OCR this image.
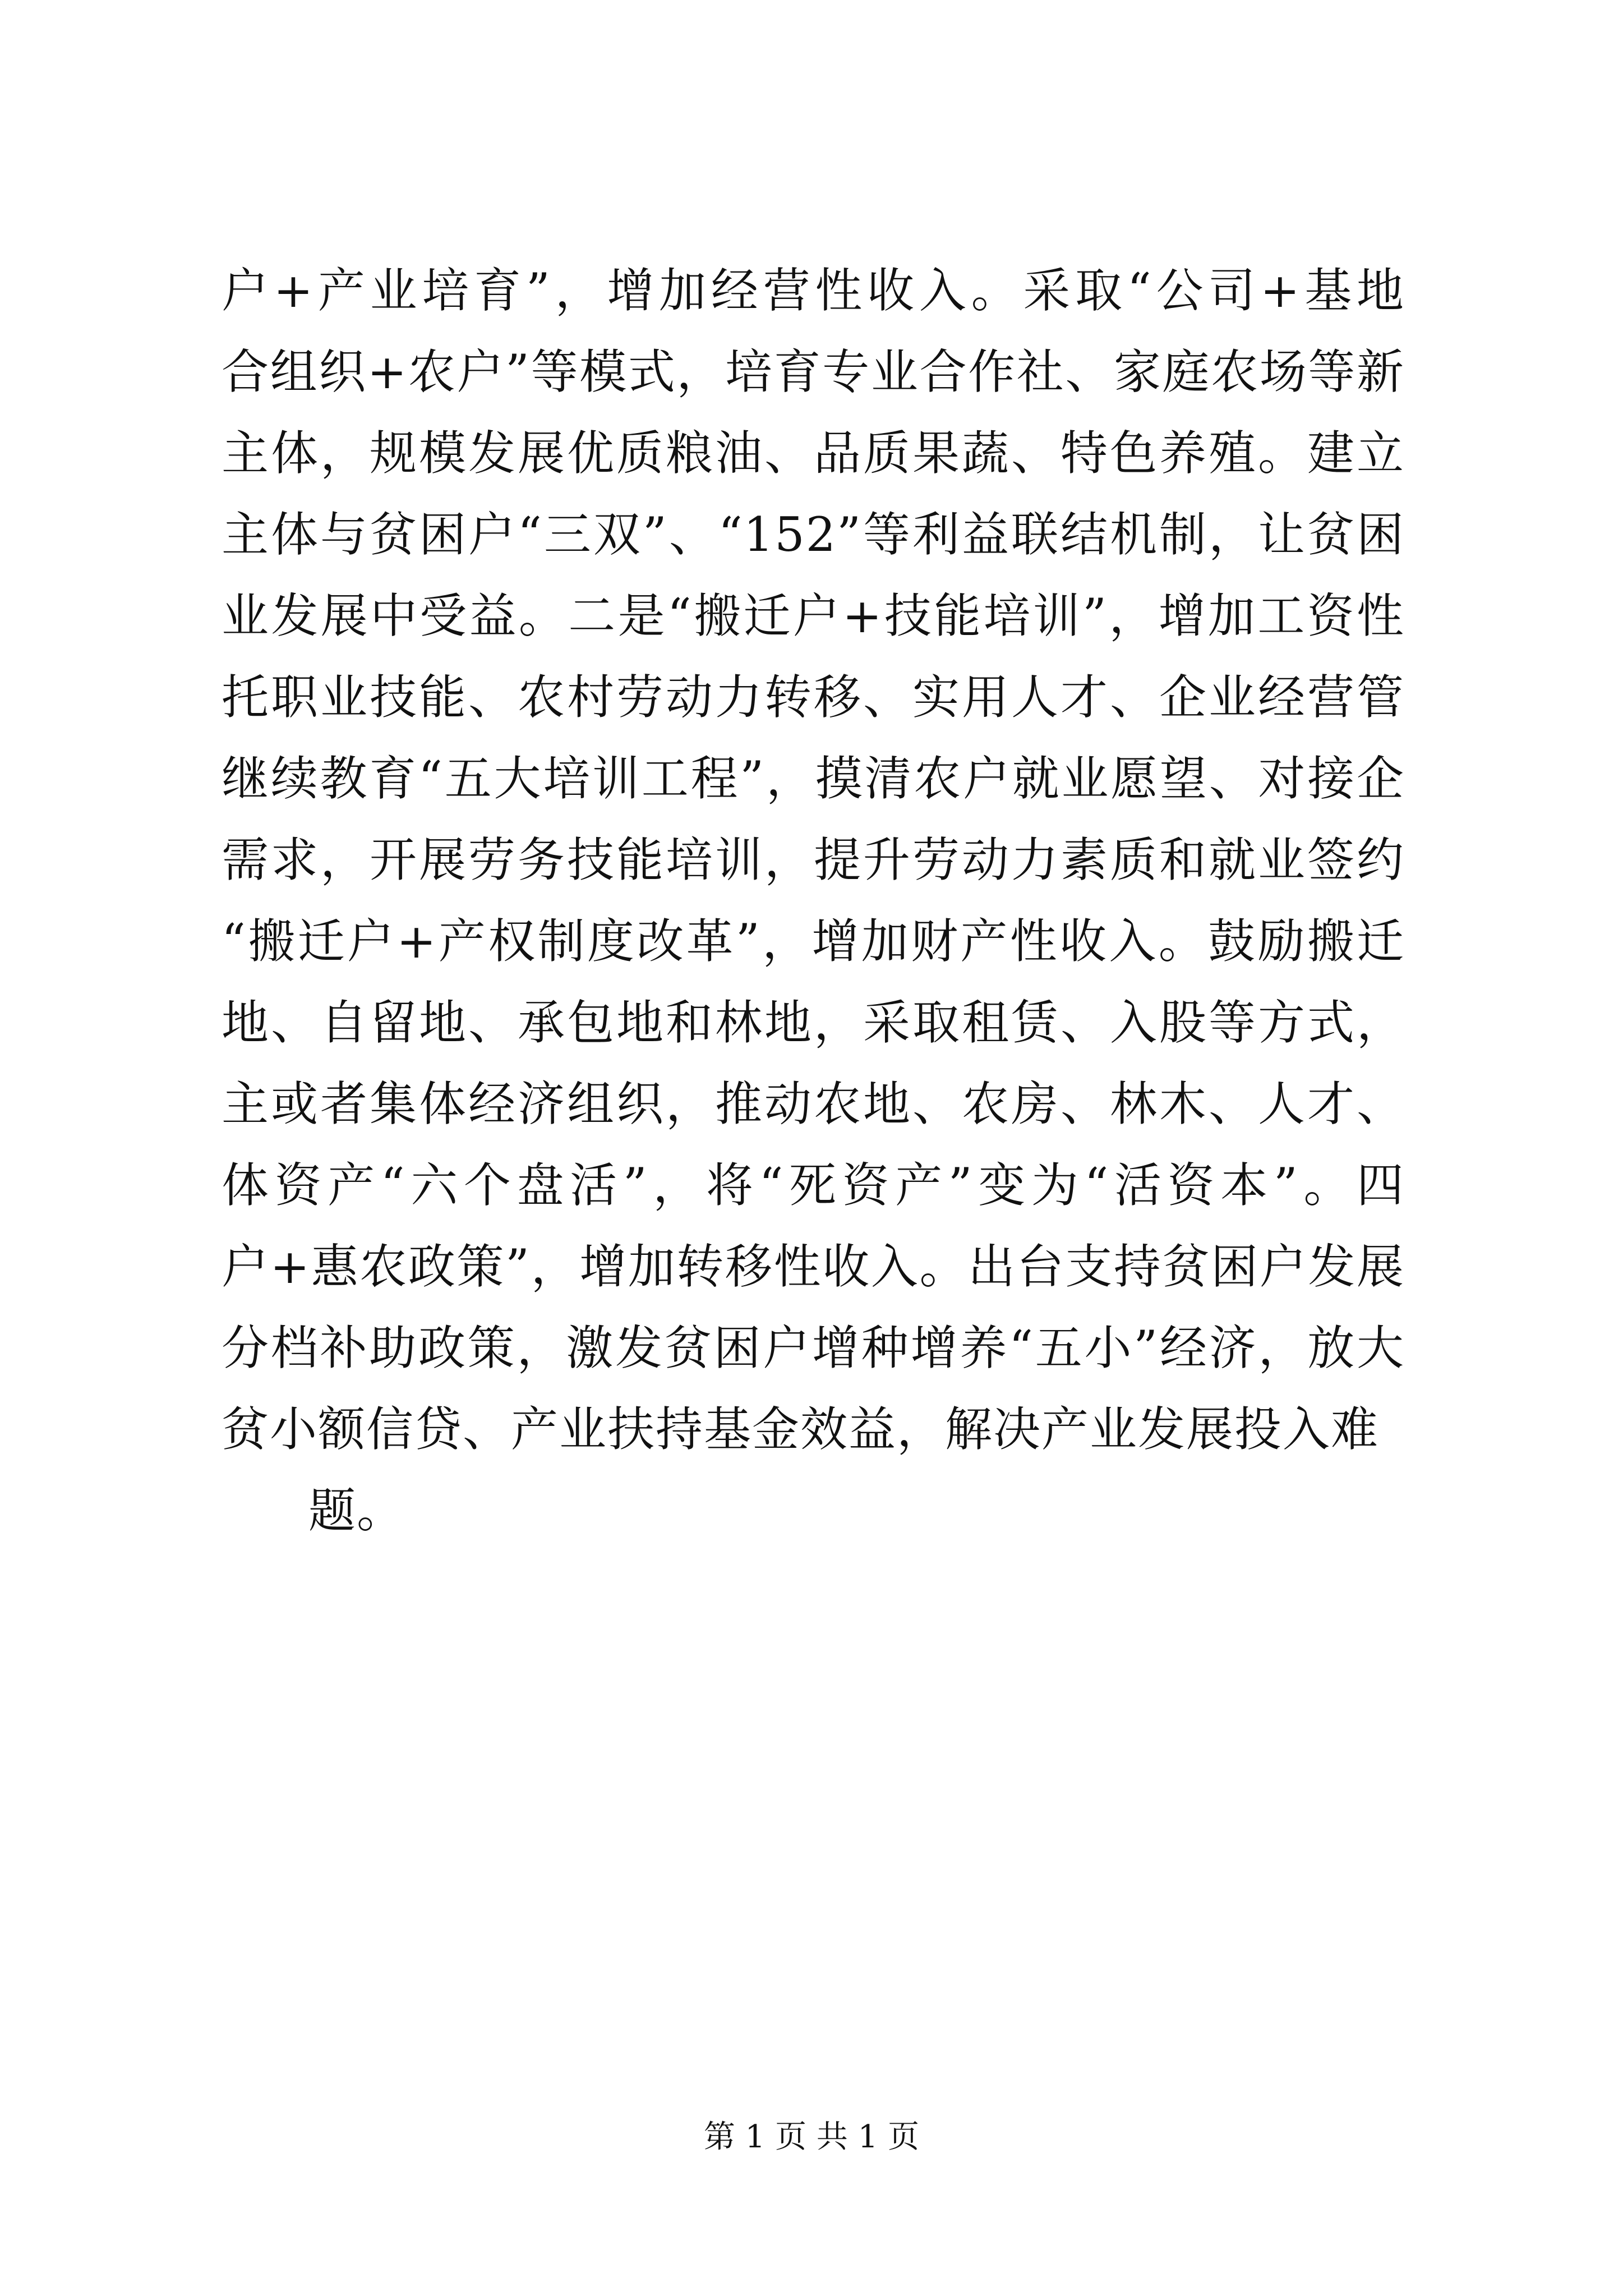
户+产业培育”，增加经营性收入。采取“公司+基地
合组织+农户”等模式，培育专业合作社、家庭农场等新
主体，规模发展优质粮油、品质果蔬、特色养殖。建立
主体与贫困户“三双”、“152”等利益联结机制，让贫困
业发展中受益。二是“搬迁户+技能培训”，增加工资性
托职业技能、农村劳动力转移、实用人才、企业经营管
继续教育“五大培训工程”，摸清农户就业愿望、对接企
需求，开展劳务技能培训，提升劳动力素质和就业签约
“搬迁户+产权制度改革”，增加财产性收入。鼓励搬迁
地、自留地、承包地和林地，采取租赁、入股等方式，
主或者集体经济组织，推动农地、农房、林木、人才、
体资产“六个盘活”，将“死资产”变为“活资本”。四
户+惠农政策”，增加转移性收入。出台支持贫困户发展
分档补助政策，激发贫困户增种增养“五小”经济，放大
贫小额信贷、产业扶持基金效益，解决产业发展投入难
题。
第 1 页 共 1 页
